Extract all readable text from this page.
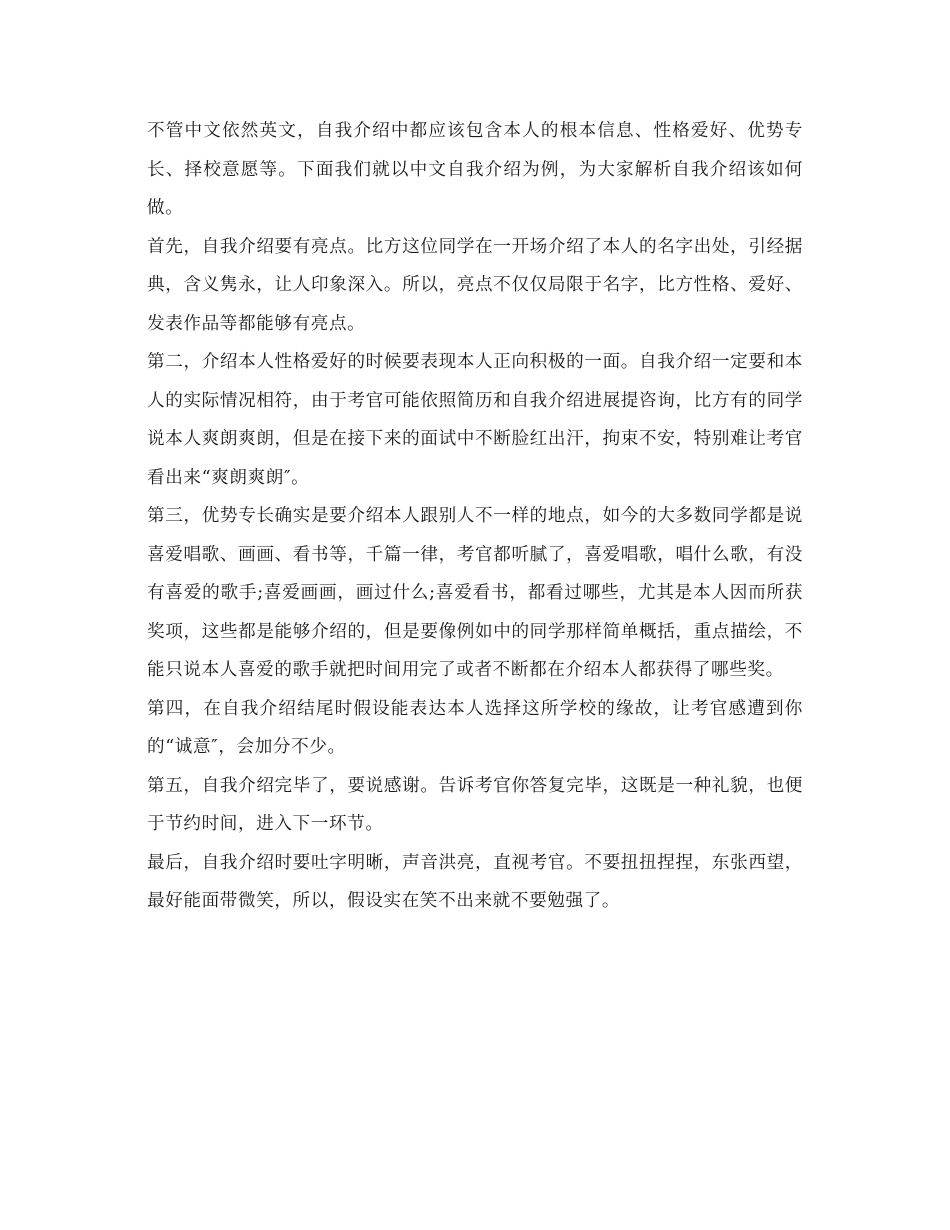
不管中文依然英文，自我介绍中都应该包含本人的根本信息、性格爱好、优势专长、择校意愿等。下面我们就以中文自我介绍为例，为大家解析自我介绍该如何做。

首先，自我介绍要有亮点。比方这位同学在一开场介绍了本人的名字出处，引经据典，含义隽永，让人印象深入。所以，亮点不仅仅局限于名字，比方性格、爱好、发表作品等都能够有亮点。

第二，介绍本人性格爱好的时候要表现本人正向积极的一面。自我介绍一定要和本人的实际情况相符，由于考官可能依照简历和自我介绍进展提咨询，比方有的同学说本人爽朗爽朗，但是在接下来的面试中不断脸红出汗，拘束不安，特别难让考官看出来“爽朗爽朗″。

第三，优势专长确实是要介绍本人跟别人不一样的地点，如今的大多数同学都是说喜爱唱歌、画画、看书等，千篇一律，考官都听腻了，喜爱唱歌，唱什么歌，有没有喜爱的歌手;喜爱画画，画过什么;喜爱看书，都看过哪些，尤其是本人因而所获奖项，这些都是能够介绍的，但是要像例如中的同学那样简单概括，重点描绘，不能只说本人喜爱的歌手就把时间用完了或者不断都在介绍本人都获得了哪些奖。

第四，在自我介绍结尾时假设能表达本人选择这所学校的缘故，让考官感遭到你的“诚意″，会加分不少。

第五，自我介绍完毕了，要说感谢。告诉考官你答复完毕，这既是一种礼貌，也便于节约时间，进入下一环节。

最后，自我介绍时要吐字明晰，声音洪亮，直视考官。不要扭扭捏捏，东张西望，最好能面带微笑，所以，假设实在笑不出来就不要勉强了。
